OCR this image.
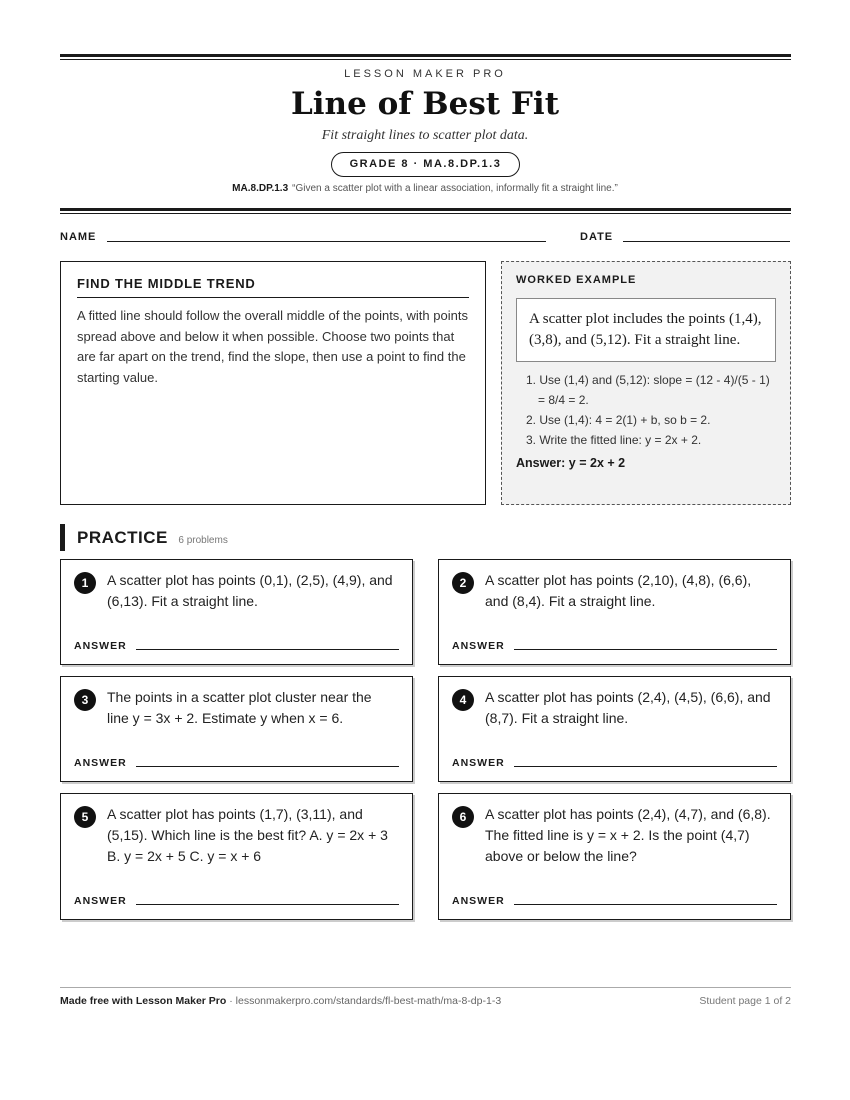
LESSON MAKER PRO
Line of Best Fit
Fit straight lines to scatter plot data.
GRADE 8 · MA.8.DP.1.3
MA.8.DP.1.3 “Given a scatter plot with a linear association, informally fit a straight line.”
NAME	DATE
FIND THE MIDDLE TREND

A fitted line should follow the overall middle of the points, with points spread above and below it when possible. Choose two points that are far apart on the trend, find the slope, then use a point to find the starting value.

WORKED EXAMPLE
A scatter plot includes the points (1,4), (3,8), and (5,12). Fit a straight line.
1. Use (1,4) and (5,12): slope = (12 - 4)/(5 - 1) = 8/4 = 2.
2. Use (1,4): 4 = 2(1) + b, so b = 2.
3. Write the fitted line: y = 2x + 2.
Answer: y = 2x + 2
PRACTICE 6 problems
1	A scatter plot has points (0,1), (2,5), (4,9), and (6,13). Fit a straight line.
ANSWER
2	A scatter plot has points (2,10), (4,8), (6,6), and (8,4). Fit a straight line.
ANSWER
3	The points in a scatter plot cluster near the line y = 3x + 2. Estimate y when x = 6.
ANSWER
4	A scatter plot has points (2,4), (4,5), (6,6), and (8,7). Fit a straight line.
ANSWER
5	A scatter plot has points (1,7), (3,11), and (5,15). Which line is the best fit? A. y = 2x + 3 B. y = 2x + 5 C. y = x + 6
ANSWER
6	A scatter plot has points (2,4), (4,7), and (6,8). The fitted line is y = x + 2. Is the point (4,7) above or below the line?
ANSWER
Made free with Lesson Maker Pro · lessonmakerpro.com/standards/fl-best-math/ma-8-dp-1-3	Student page 1 of 2
